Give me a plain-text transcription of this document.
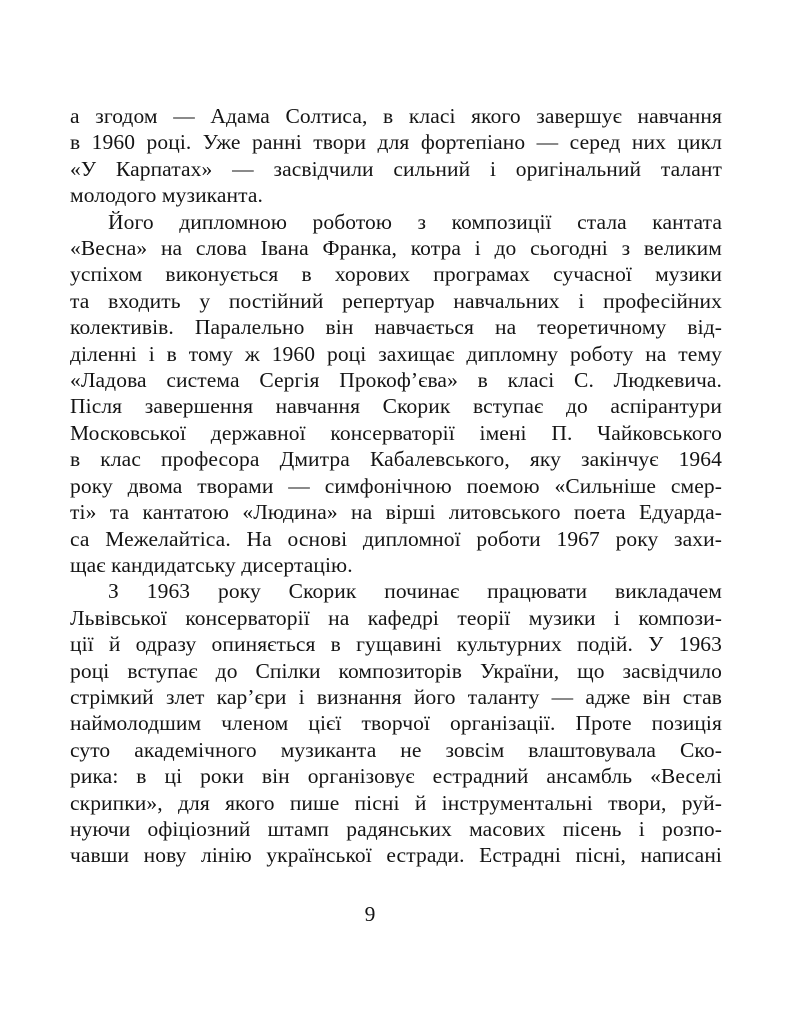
а згодом — Адама Солтиса, в класі якого завершує навчання
в 1960 році. Уже ранні твори для фортепіано — серед них цикл
«У Карпатах» — засвідчили сильний і оригінальний талант
молодого музиканта.
Його дипломною роботою з композиції стала кантата
«Весна» на слова Івана Франка, котра і до сьогодні з великим
успіхом виконується в хорових програмах сучасної музики
та входить у постійний репертуар навчальних і професійних
колективів. Паралельно він навчається на теоретичному від-
діленні і в тому ж 1960 році захищає дипломну роботу на тему
«Ладова система Сергія Прокоф’єва» в класі С. Людкевича.
Після завершення навчання Скорик вступає до аспірантури
Московської державної консерваторії імені П. Чайковського
в клас професора Дмитра Кабалевського, яку закінчує 1964
року двома творами — симфонічною поемою «Сильніше смер-
ті» та кантатою «Людина» на вірші литовського поета Едуарда-
са Межелайтіса. На основі дипломної роботи 1967 року захи-
щає кандидатську дисертацію.
З 1963 року Скорик починає працювати викладачем
Львівської консерваторії на кафедрі теорії музики і компози-
ції й одразу опиняється в гущавині культурних подій. У 1963
році вступає до Спілки композиторів України, що засвідчило
стрімкий злет кар’єри і визнання його таланту — адже він став
наймолодшим членом цієї творчої організації. Проте позиція
суто академічного музиканта не зовсім влаштовувала Ско-
рика: в ці роки він організовує естрадний ансамбль «Веселі
скрипки», для якого пише пісні й інструментальні твори, руй-
нуючи офіціозний штамп радянських масових пісень і розпо-
чавши нову лінію української естради. Естрадні пісні, написані
9
